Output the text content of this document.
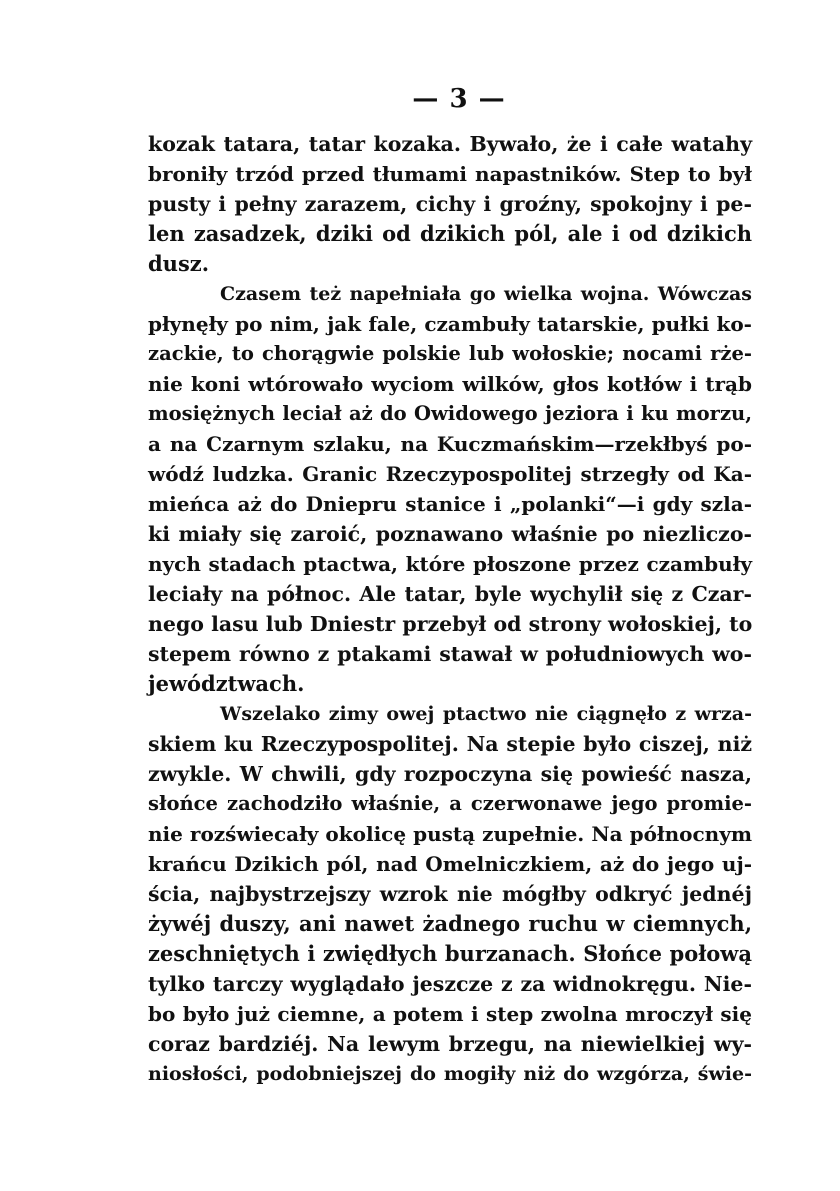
— 3 —
kozak tatara, tatar kozaka. Bywało, że i całe watahy
broniły trzód przed tłumami napastników. Step to był
pusty i pełny zarazem, cichy i groźny, spokojny i pe-
len zasadzek, dziki od dzikich pól, ale i od dzikich
dusz.
Czasem też napełniała go wielka wojna. Wówczas
płynęły po nim, jak fale, czambuły tatarskie, pułki ko-
zackie, to chorągwie polskie lub wołoskie; nocami rże-
nie koni wtórowało wyciom wilków, głos kotłów i trąb
mosiężnych leciał aż do Owidowego jeziora i ku morzu,
a na Czarnym szlaku, na Kuczmańskim—rzekłbyś po-
wódź ludzka. Granic Rzeczypospolitej strzegły od Ka-
mieńca aż do Dniepru stanice i „polanki“—i gdy szla-
ki miały się zaroić, poznawano właśnie po niezliczo-
nych stadach ptactwa, które płoszone przez czambuły
leciały na północ. Ale tatar, byle wychylił się z Czar-
nego lasu lub Dniestr przebył od strony wołoskiej, to
stepem równo z ptakami stawał w południowych wo-
jewództwach.
Wszelako zimy owej ptactwo nie ciągnęło z wrza-
skiem ku Rzeczypospolitej. Na stepie było ciszej, niż
zwykle. W chwili, gdy rozpoczyna się powieść nasza,
słońce zachodziło właśnie, a czerwonawe jego promie-
nie rozświecały okolicę pustą zupełnie. Na północnym
krańcu Dzikich pól, nad Omelniczkiem, aż do jego uj-
ścia, najbystrzejszy wzrok nie mógłby odkryć jednéj
żywéj duszy, ani nawet żadnego ruchu w ciemnych,
zeschniętych i zwiędłych burzanach. Słońce połową
tylko tarczy wyglądało jeszcze z za widnokręgu. Nie-
bo było już ciemne, a potem i step zwolna mroczył się
coraz bardziéj. Na lewym brzegu, na niewielkiej wy-
niosłości, podobniejszej do mogiły niż do wzgórza, świe-
